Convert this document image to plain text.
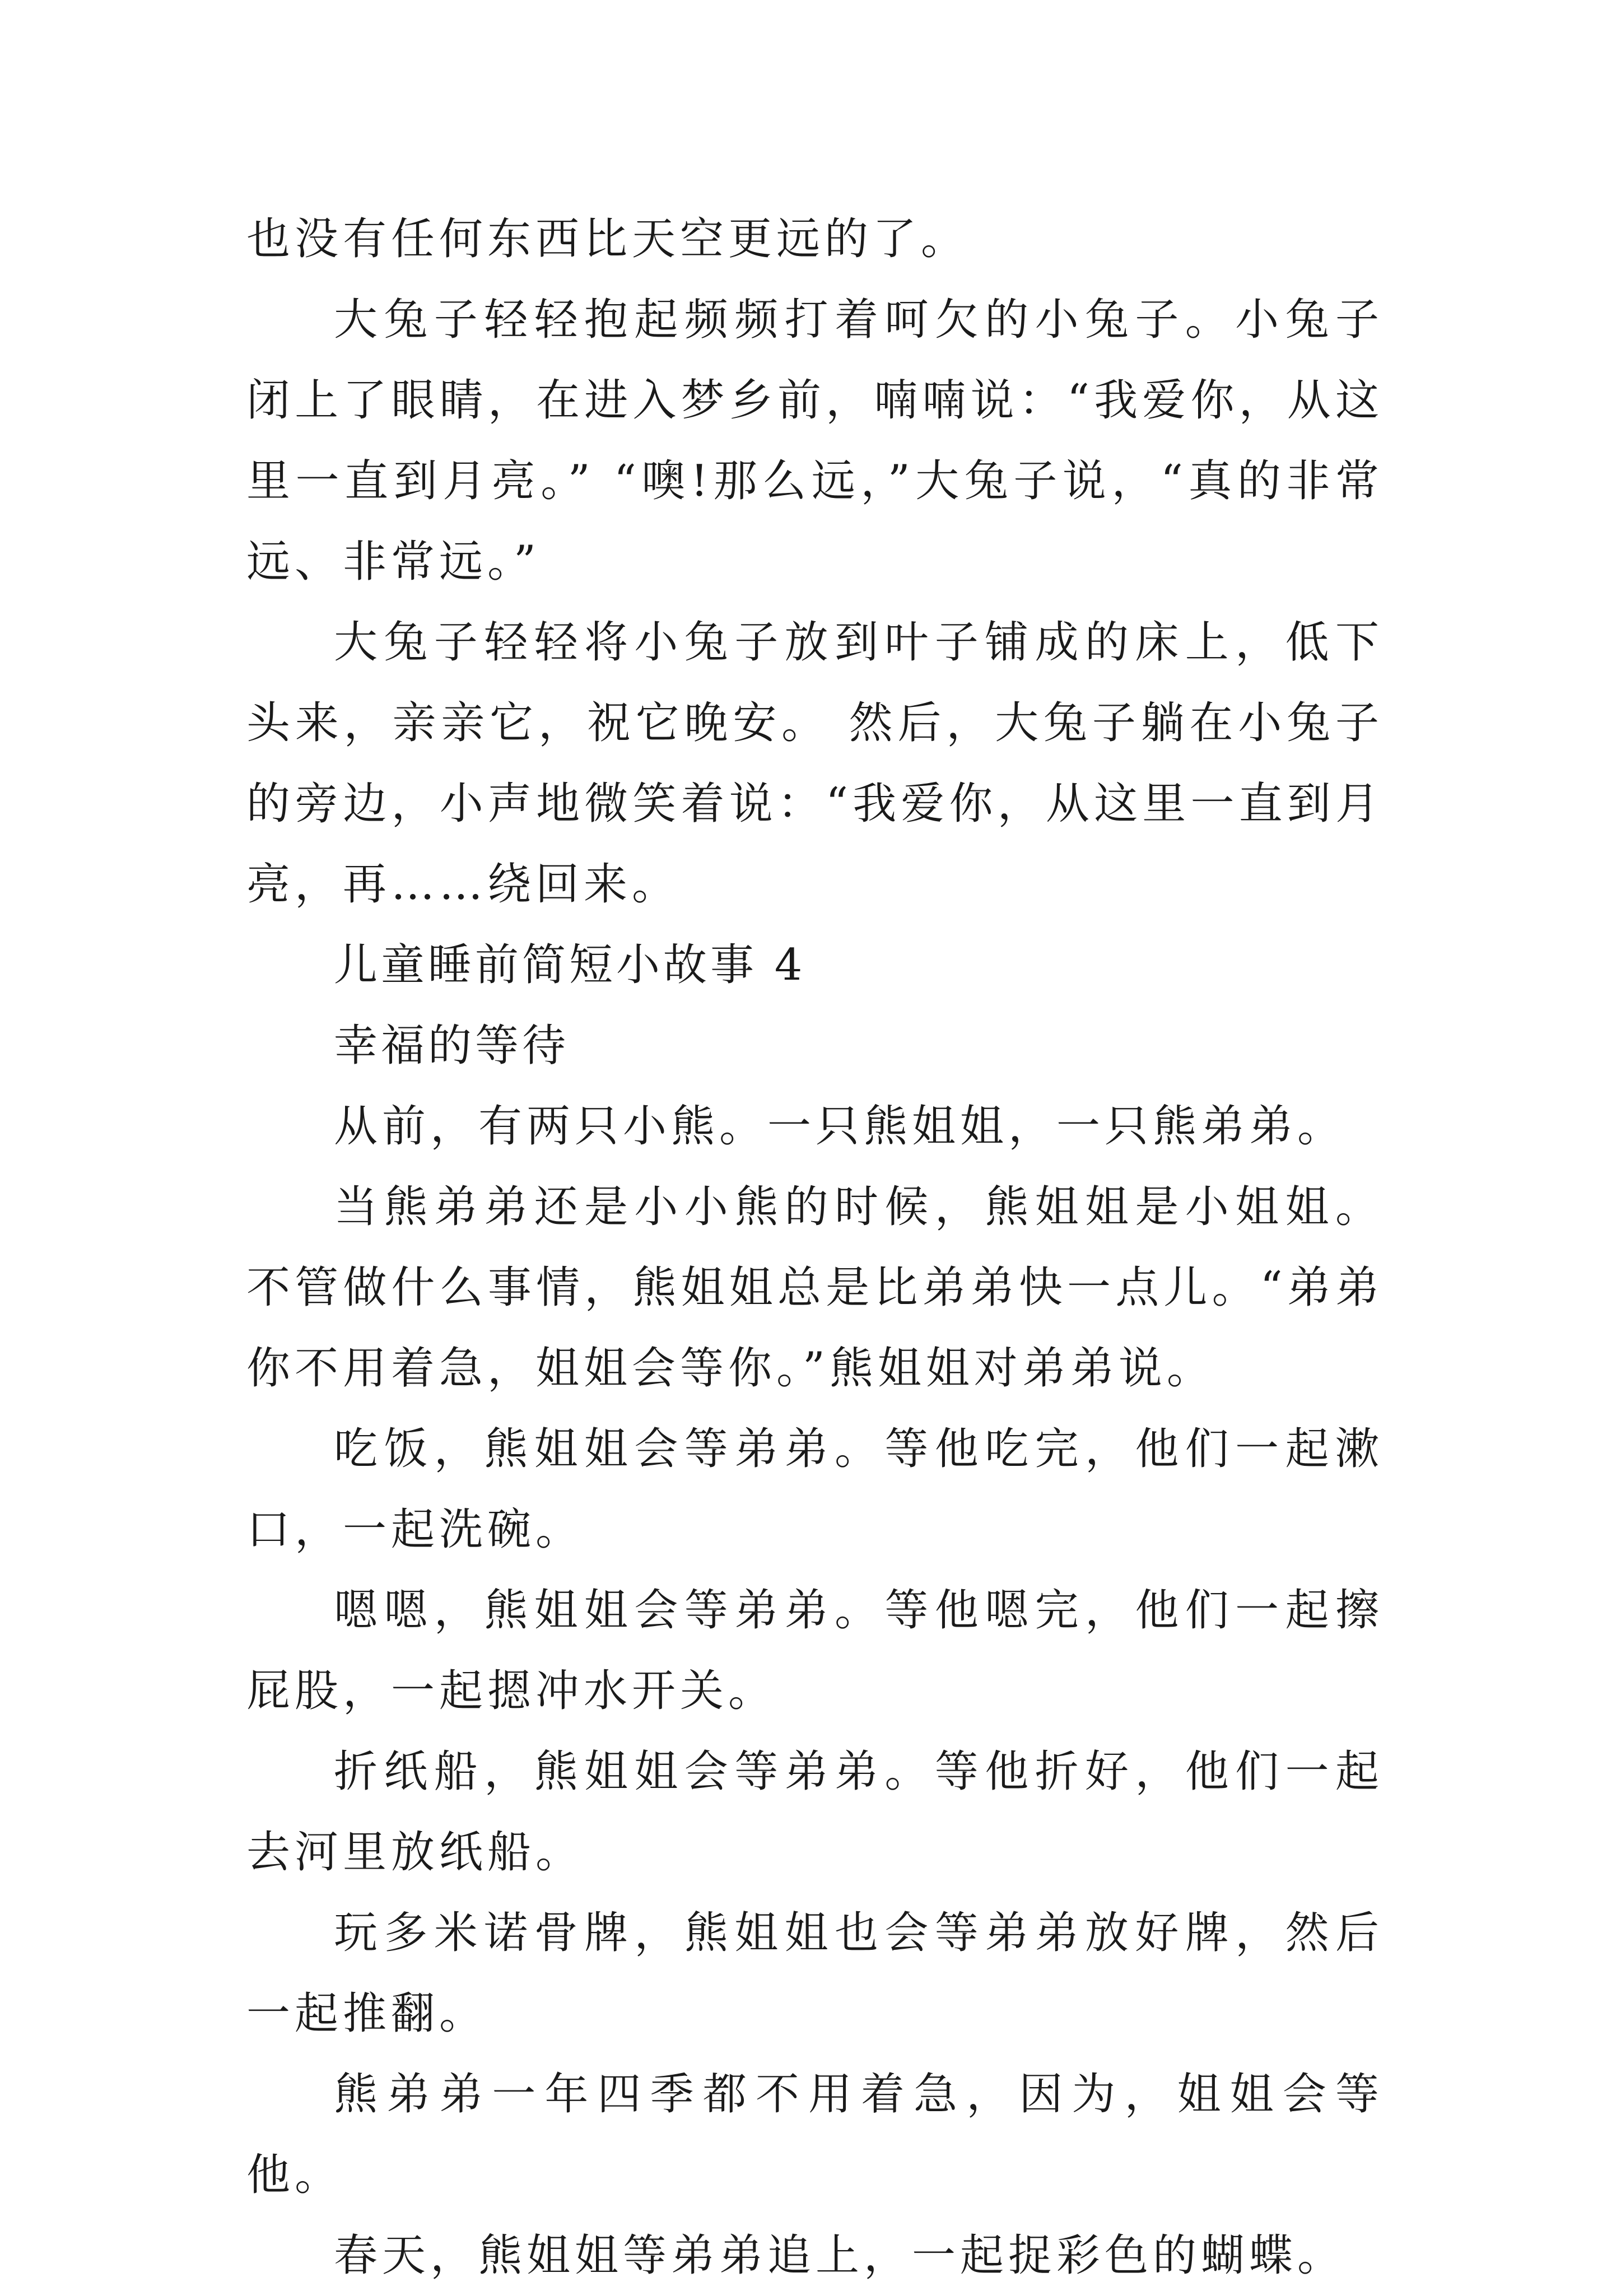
也没有任何东西比天空更远的了。

大兔子轻轻抱起频频打着呵欠的小兔子。小兔子闭上了眼睛，在进入梦乡前，喃喃说：“我爱你，从这里一直到月亮。” “噢!那么远，”大兔子说，“真的非常远、非常远。”

大兔子轻轻将小兔子放到叶子铺成的床上，低下头来，亲亲它，祝它晚安。 然后，大兔子躺在小兔子的旁边，小声地微笑着说：“我爱你，从这里一直到月亮，再……绕回来。

儿童睡前简短小故事 4

幸福的等待

从前，有两只小熊。一只熊姐姐，一只熊弟弟。

当熊弟弟还是小小熊的时候，熊姐姐是小姐姐。不管做什么事情，熊姐姐总是比弟弟快一点儿。“弟弟你不用着急，姐姐会等你。”熊姐姐对弟弟说。

吃饭，熊姐姐会等弟弟。等他吃完，他们一起漱口，一起洗碗。

嗯嗯，熊姐姐会等弟弟。等他嗯完，他们一起擦屁股，一起摁冲水开关。

折纸船，熊姐姐会等弟弟。等他折好，他们一起去河里放纸船。

玩多米诺骨牌，熊姐姐也会等弟弟放好牌，然后一起推翻。

熊弟弟一年四季都不用着急，因为，姐姐会等他。

春天，熊姐姐等弟弟追上，一起捉彩色的蝴蝶。
